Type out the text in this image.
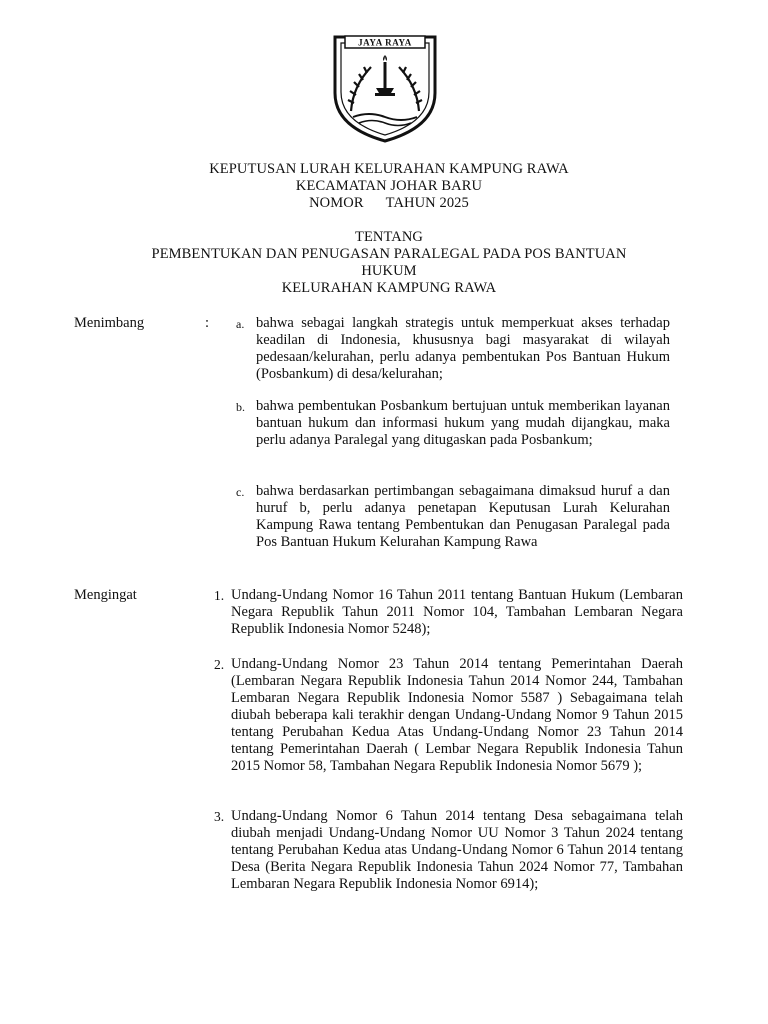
JAYA RAYA
KEPUTUSAN LURAH KELURAHAN KAMPUNG RAWA
KECAMATAN JOHAR BARU
NOMOR      TAHUN 2025
TENTANG
PEMBENTUKAN DAN PENUGASAN PARALEGAL PADA POS BANTUAN
HUKUM
KELURAHAN KAMPUNG RAWA
Menimbang	: a. bahwa sebagai langkah strategis untuk memperkuat akses terhadap keadilan di Indonesia, khususnya bagi masyarakat di wilayah pedesaan/kelurahan, perlu adanya pembentukan Pos Bantuan Hukum (Posbankum) di desa/kelurahan;
b. bahwa pembentukan Posbankum bertujuan untuk memberikan layanan bantuan hukum dan informasi hukum yang mudah dijangkau, maka perlu adanya Paralegal yang ditugaskan pada Posbankum;
c. bahwa berdasarkan pertimbangan sebagaimana dimaksud huruf a dan huruf b, perlu adanya penetapan Keputusan Lurah Kelurahan Kampung Rawa tentang Pembentukan dan Penugasan Paralegal pada Pos Bantuan Hukum Kelurahan Kampung Rawa
Mengingat	1. Undang-Undang Nomor 16 Tahun 2011 tentang Bantuan Hukum (Lembaran Negara Republik Tahun 2011 Nomor 104, Tambahan Lembaran Negara Republik Indonesia Nomor 5248);
2. Undang-Undang Nomor 23 Tahun 2014 tentang Pemerintahan Daerah (Lembaran Negara Republik Indonesia Tahun 2014 Nomor 244, Tambahan Lembaran Negara Republik Indonesia Nomor 5587 ) Sebagaimana telah diubah beberapa kali terakhir dengan Undang-Undang Nomor 9 Tahun 2015 tentang Perubahan Kedua Atas Undang-Undang Nomor 23 Tahun 2014 tentang Pemerintahan Daerah ( Lembar Negara Republik Indonesia Tahun 2015 Nomor 58, Tambahan Negara Republik Indonesia Nomor 5679 );
3. Undang-Undang Nomor 6 Tahun 2014 tentang Desa sebagaimana telah diubah menjadi Undang-Undang Nomor UU Nomor 3 Tahun 2024 tentang tentang Perubahan Kedua atas Undang-Undang Nomor 6 Tahun 2014 tentang Desa (Berita Negara Republik Indonesia Tahun 2024 Nomor 77, Tambahan Lembaran Negara Republik Indonesia Nomor 6914);
